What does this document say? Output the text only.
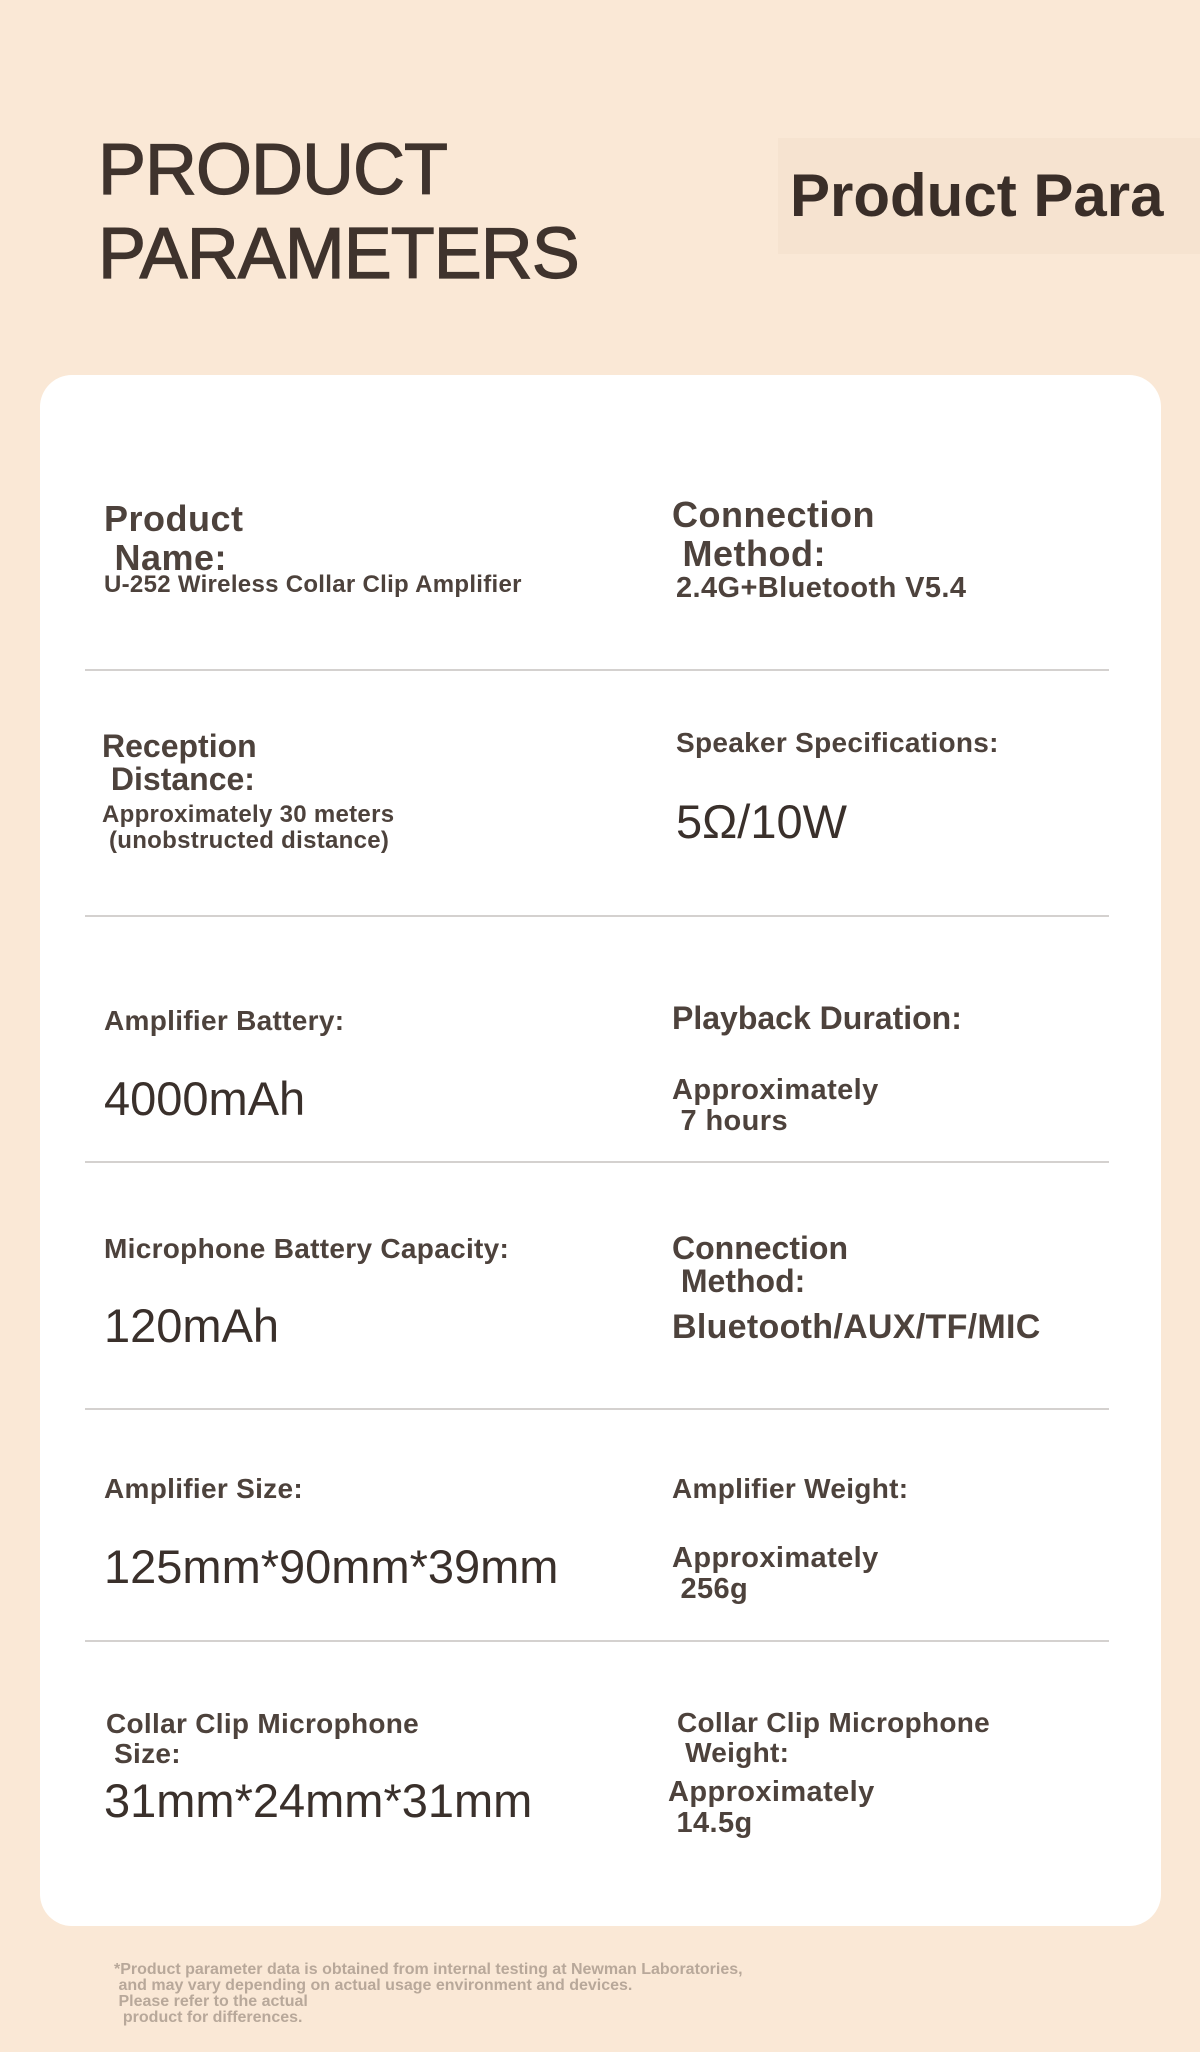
PRODUCT
PARAMETERS
Product Para

Product
Name:

U-252 Wireless Collar Clip Amplifier

Connection
Method:

2.4G+Bluetooth V5.4

Reception
Distance:

Approximately 30 meters
(unobstructed distance)

Speaker Specifications:

5Ω/10W

Amplifier Battery:

4000mAh

Playback Duration:

Approximately
7 hours

Microphone Battery Capacity:

120mAh

Connection
Method:

Bluetooth/AUX/TF/MIC

Amplifier Size:

125mm*90mm*39mm

Amplifier Weight:

Approximately
256g

Collar Clip Microphone
Size:

31mm*24mm*31mm

Collar Clip Microphone
Weight:

Approximately
14.5g

*Product parameter data is obtained from internal testing at Newman Laboratories,
and may vary depending on actual usage environment and devices.
Please refer to the actual
product for differences.
